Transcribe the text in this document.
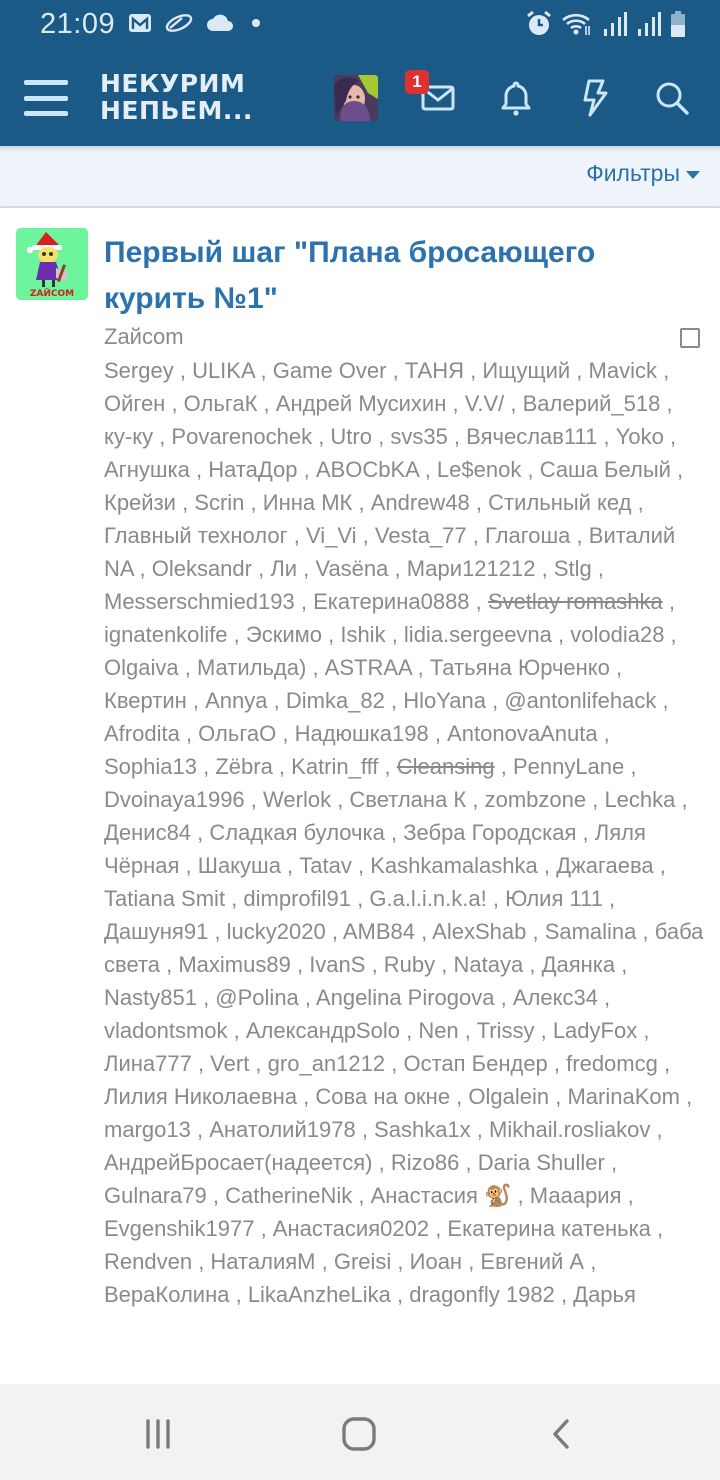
21:09
НЕКУРИМ
НЕПЬЕМ...
1
Фильтры
ZАЙCOM
Первый шаг "Плана бросающего курить №1"
Zайcom
Sergey , ULIKA , Game Over , ТАНЯ , Ищущий , Mavick , Ойген , ОльгаК , Андрей Мусихин , V.V/ , Валерий_518 , ку-ку , Povarenochek , Utro , svs35 , Вячеслав111 , Yoko , Агнушка , НатаДор , ABOCbKA , Le$enok , Саша Белый , Крейзи , Scrin , Инна МК , Andrew48 , Стильный кед , Главный технолог , Vi_Vi , Vesta_77 , Глагоша , Виталий NA , Oleksandr , Ли , Vasëna , Мари121212 , Stlg , Messerschmied193 , Екатерина0888 , Svetlay romashka , ignatenkolife , Эскимо , Ishik , lidia.sergeevna , volodia28 , Olgaiva , Матильда) , ASTRAA , Татьяна Юрченко , Квертин , Annya , Dimka_82 , HloYana , @antonlifehack , Afrodita , ОльгаО , Надюшка198 , AntonovaAnuta , Sophia13 , Zëbra , Katrin_fff , Cleansing , PennyLane , Dvoinaya1996 , Werlok , Светлана К , zombzone , Lechka , Денис84 , Сладкая булочка , Зебра Городская , Ляля Чёрная , Шакуша , Tatav , Kashkamalashka , Джагаева , Tatiana Smit , dimprofil91 , G.a.l.i.n.k.a! , Юлия 111 , Дашуня91 , lucky2020 , AMB84 , AlexShab , Samalina , баба света , Maximus89 , IvanS , Ruby , Nataya , Даянка , Nasty851 , @Polina , Angelina Pirogova , Алекс34 , vladontsmok , АлександрSolo , Nen , Trissy , LadyFox , Лина777 , Vert , gro_an1212 , Остап Бендер , fredomcg , Лилия Николаевна , Сова на окне , Olgalein , MarinaKom , margo13 , Анатолий1978 , Sashka1x , Mikhail.rosliakov , АндрейБросает(надеется) , Rizo86 , Daria Shuller , Gulnara79 , CatherineNik , Анастасия 🐒 , Мааария , Evgenshik1977 , Анастасия0202 , Екатерина катенька , Rendven , НаталияМ , Greisi , Иоан , Евгений А , ВераКолина , LikaAnzheLika , dragonfly 1982 , Дарья
